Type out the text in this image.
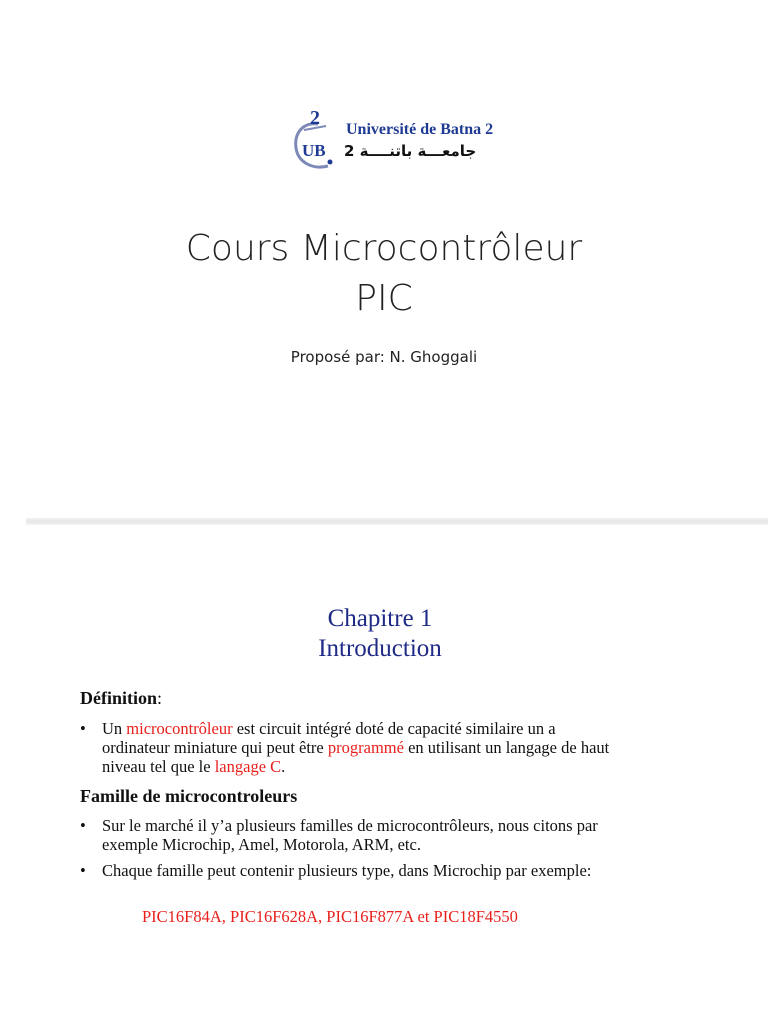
2
UB
Université de Batna 2
جامعـــة باتنــــة 2
Cours Microcontrôleur
PIC
Proposé par: N. Ghoggali
Chapitre 1
Introduction
Définition:
• Un microcontrôleur est circuit intégré doté de capacité similaire un a ordinateur miniature qui peut être programmé en utilisant un langage de haut niveau tel que le langage C.
Famille de microcontroleurs
• Sur le marché il y’a plusieurs familles de microcontrôleurs, nous citons par exemple Microchip, Amel, Motorola, ARM, etc.
• Chaque famille peut contenir plusieurs type, dans Microchip par exemple:
PIC16F84A, PIC16F628A, PIC16F877A et PIC18F4550
